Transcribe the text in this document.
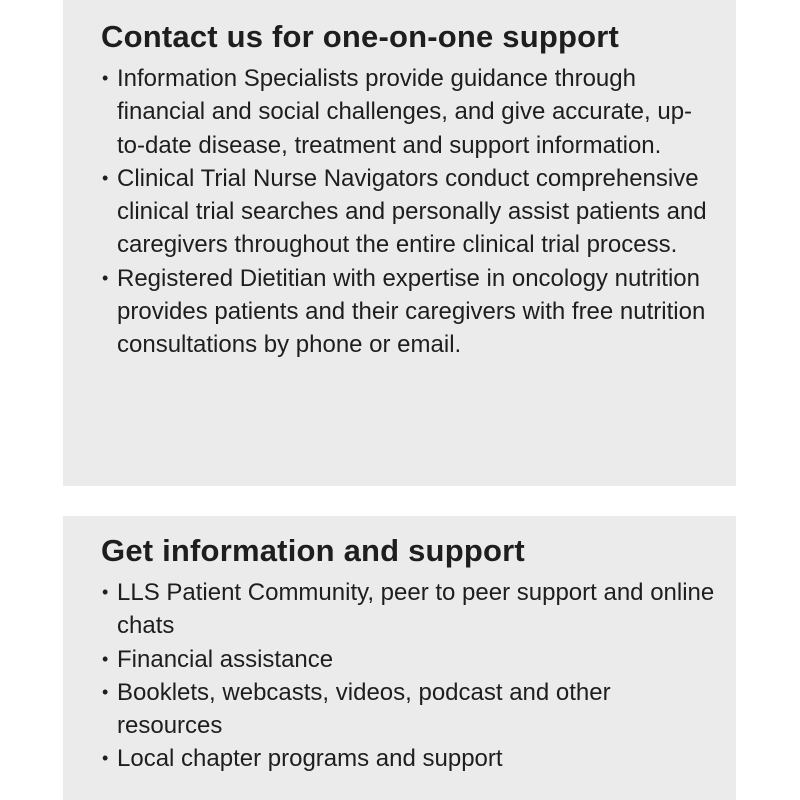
Contact us for one-on-one support
• Information Specialists provide guidance through financial and social challenges, and give accurate, up-to-date disease, treatment and support information.
• Clinical Trial Nurse Navigators conduct comprehensive clinical trial searches and personally assist patients and caregivers throughout the entire clinical trial process.
• Registered Dietitian with expertise in oncology nutrition provides patients and their caregivers with free nutrition consultations by phone or email.
Get information and support
• LLS Patient Community, peer to peer support and online chats
• Financial assistance
• Booklets, webcasts, videos, podcast and other resources
• Local chapter programs and support
